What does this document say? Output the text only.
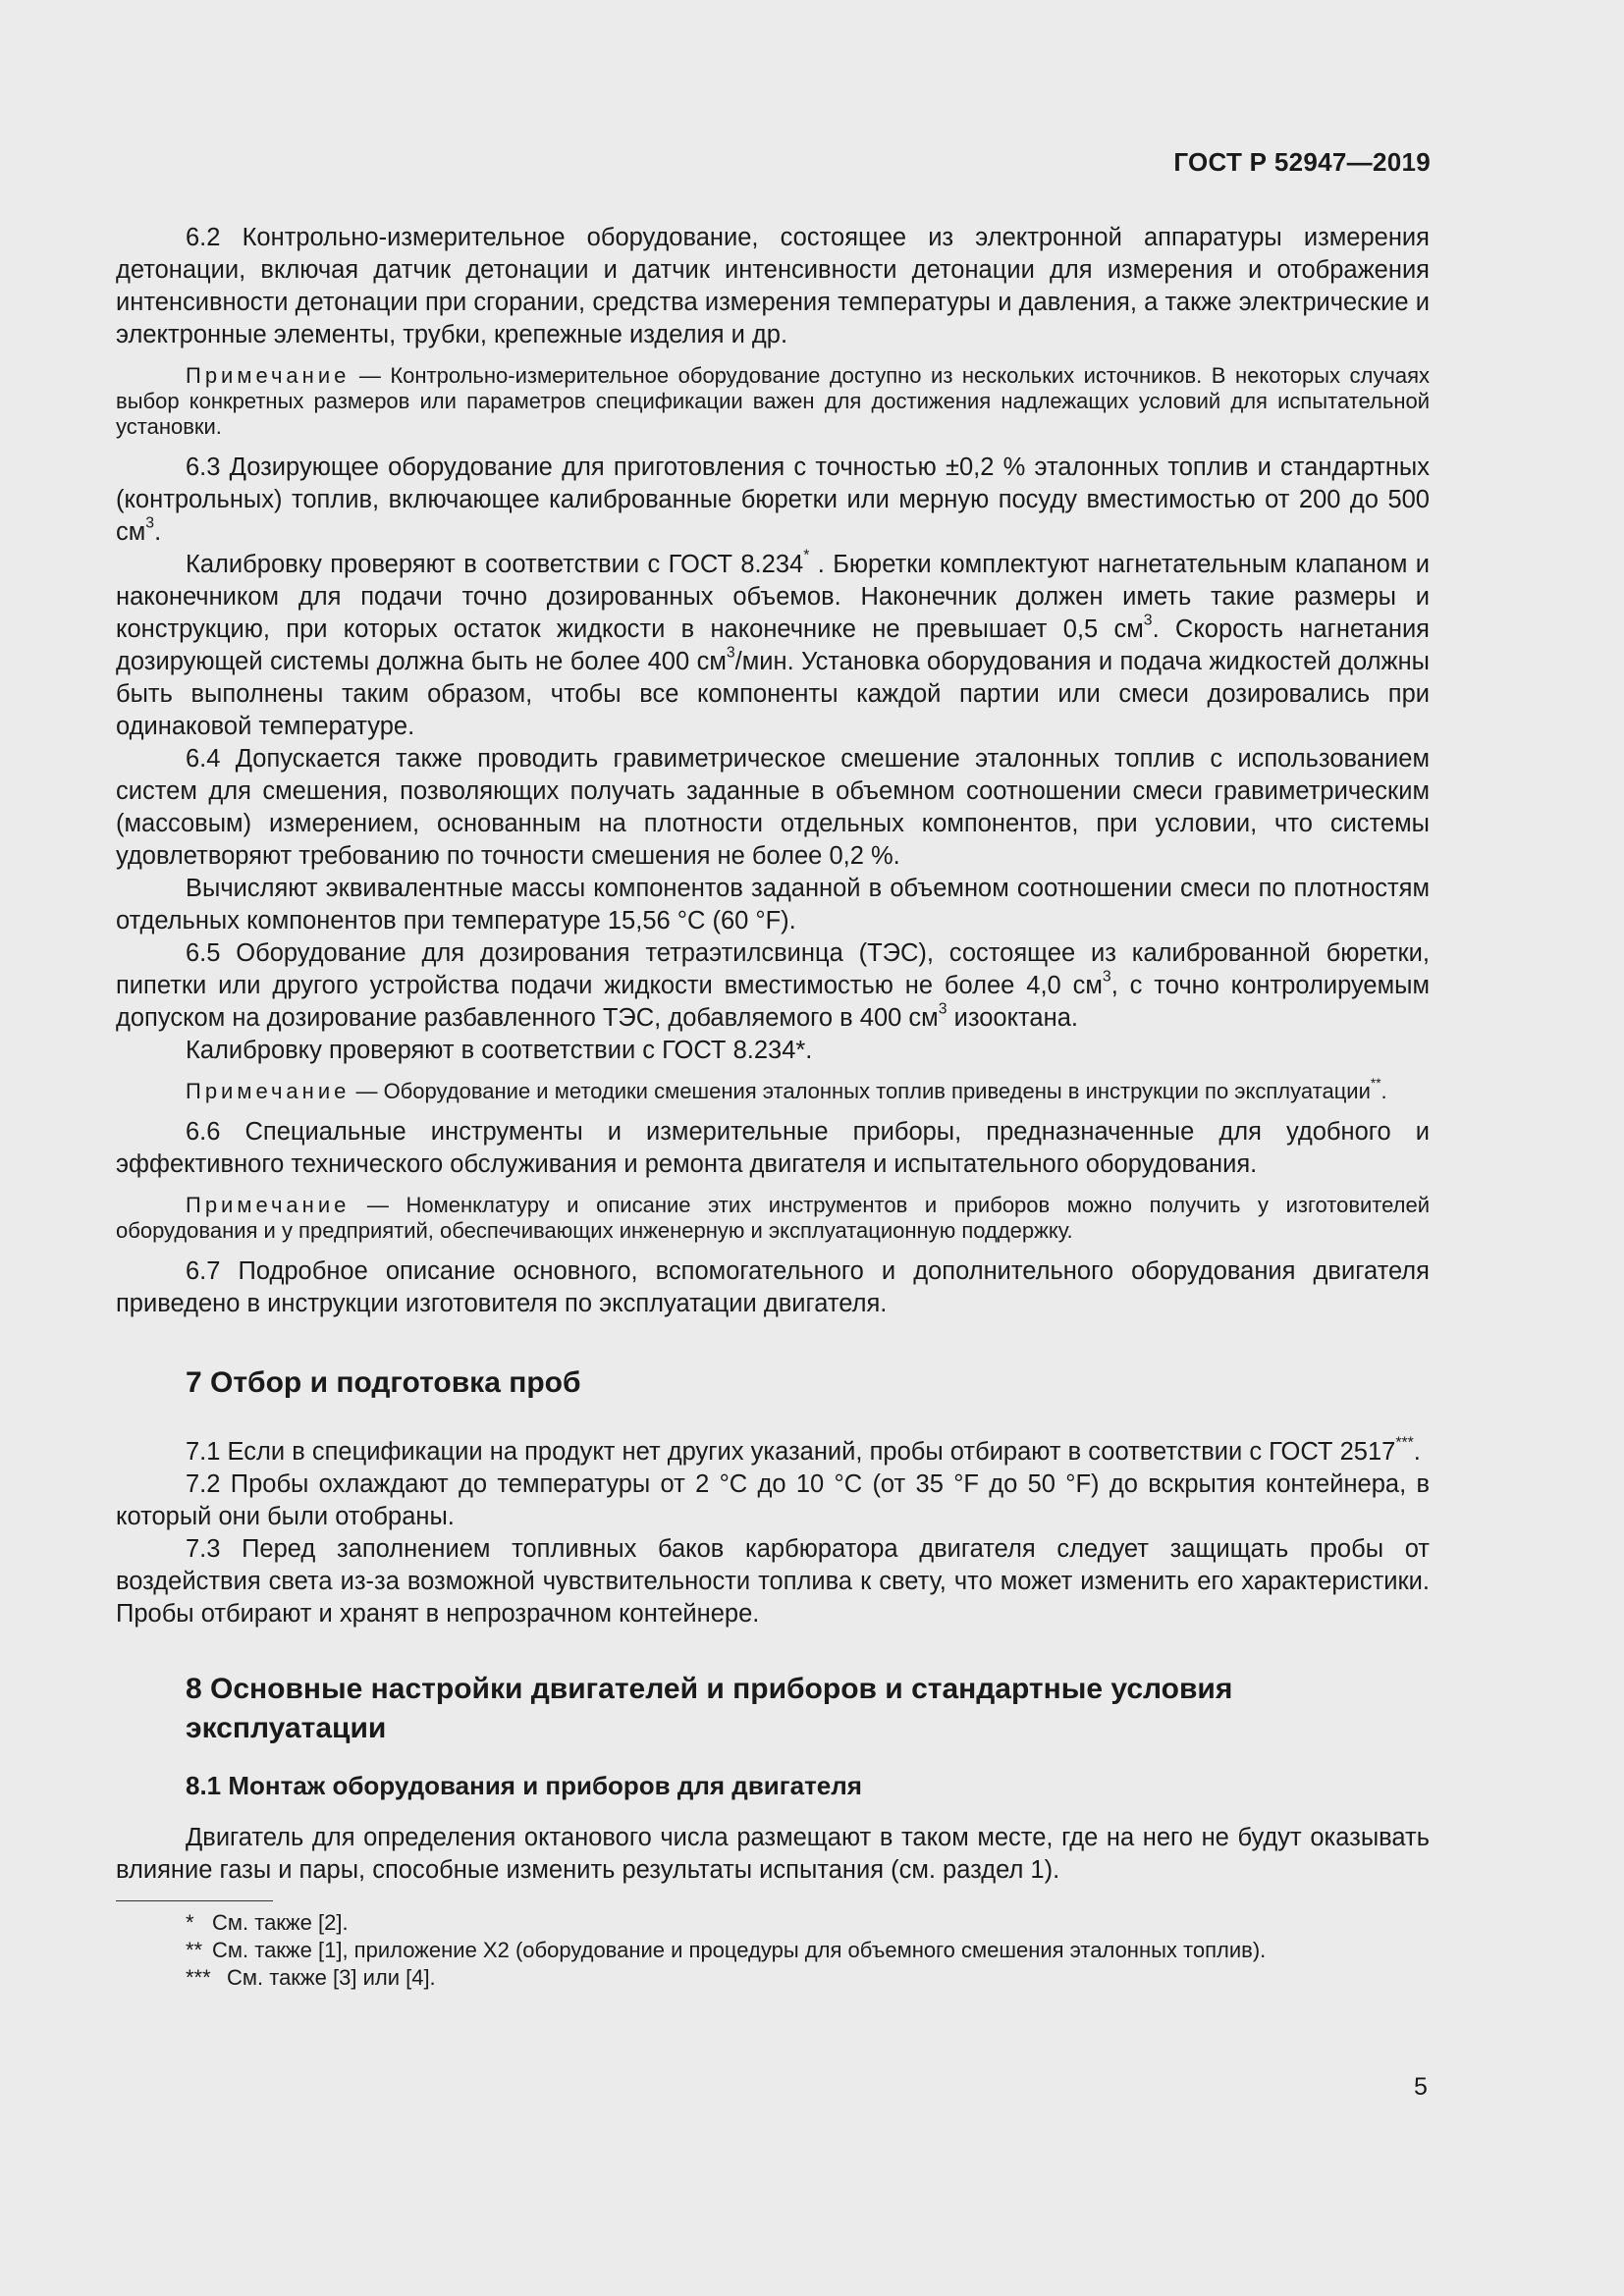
ГОСТ Р 52947—2019

6.2 Контрольно-измерительное оборудование, состоящее из электронной аппаратуры измерения детонации, включая датчик детонации и датчик интенсивности детонации для измерения и отображения интенсивности детонации при сгорании, средства измерения температуры и давления, а также электрические и электронные элементы, трубки, крепежные изделия и др.

Примечание — Контрольно-измерительное оборудование доступно из нескольких источников. В некоторых случаях выбор конкретных размеров или параметров спецификации важен для достижения надлежащих условий для испытательной установки.

6.3 Дозирующее оборудование для приготовления с точностью ±0,2 % эталонных топлив и стандартных (контрольных) топлив, включающее калиброванные бюретки или мерную посуду вместимостью от 200 до 500 $см^3$.

Калибровку проверяют в соответствии с ГОСТ 8.234* . Бюретки комплектуют нагнетательным клапаном и наконечником для подачи точно дозированных объемов. Наконечник должен иметь такие размеры и конструкцию, при которых остаток жидкости в наконечнике не превышает 0,5 $см^3$. Скорость нагнетания дозирующей системы должна быть не более 400 $см^3$/мин. Установка оборудования и подача жидкостей должны быть выполнены таким образом, чтобы все компоненты каждой партии или смеси дозировались при одинаковой температуре.

6.4 Допускается также проводить гравиметрическое смешение эталонных топлив с использованием систем для смешения, позволяющих получать заданные в объемном соотношении смеси гравиметрическим (массовым) измерением, основанным на плотности отдельных компонентов, при условии, что системы удовлетворяют требованию по точности смешения не более 0,2 %.

Вычисляют эквивалентные массы компонентов заданной в объемном соотношении смеси по плотностям отдельных компонентов при температуре 15,56 °С (60 °F).

6.5 Оборудование для дозирования тетраэтилсвинца (ТЭС), состоящее из калиброванной бюретки, пипетки или другого устройства подачи жидкости вместимостью не более 4,0 $см^3$, с точно контролируемым допуском на дозирование разбавленного ТЭС, добавляемого в 400 $см^3$ изооктана.

Калибровку проверяют в соответствии с ГОСТ 8.234*.

Примечание — Оборудование и методики смешения эталонных топлив приведены в инструкции по эксплуатации**.

6.6 Специальные инструменты и измерительные приборы, предназначенные для удобного и эффективного технического обслуживания и ремонта двигателя и испытательного оборудования.

Примечание — Номенклатуру и описание этих инструментов и приборов можно получить у изготовителей оборудования и у предприятий, обеспечивающих инженерную и эксплуатационную поддержку.

6.7 Подробное описание основного, вспомогательного и дополнительного оборудования двигателя приведено в инструкции изготовителя по эксплуатации двигателя.

7 Отбор и подготовка проб

7.1 Если в спецификации на продукт нет других указаний, пробы отбирают в соответствии с ГОСТ 2517***.

7.2 Пробы охлаждают до температуры от 2 °С до 10 °С (от 35 °F до 50 °F) до вскрытия контейнера, в который они были отобраны.

7.3 Перед заполнением топливных баков карбюратора двигателя следует защищать пробы от воздействия света из-за возможной чувствительности топлива к свету, что может изменить его характеристики. Пробы отбирают и хранят в непрозрачном контейнере.

8 Основные настройки двигателей и приборов и стандартные условия эксплуатации
8.1 Монтаж оборудования и приборов для двигателя

Двигатель для определения октанового числа размещают в таком месте, где на него не будут оказывать влияние газы и пары, способные изменить результаты испытания (см. раздел 1).

* См. также [2].
** См. также [1], приложение Х2 (оборудование и процедуры для объемного смешения эталонных топлив).
*** См. также [3] или [4].
5
